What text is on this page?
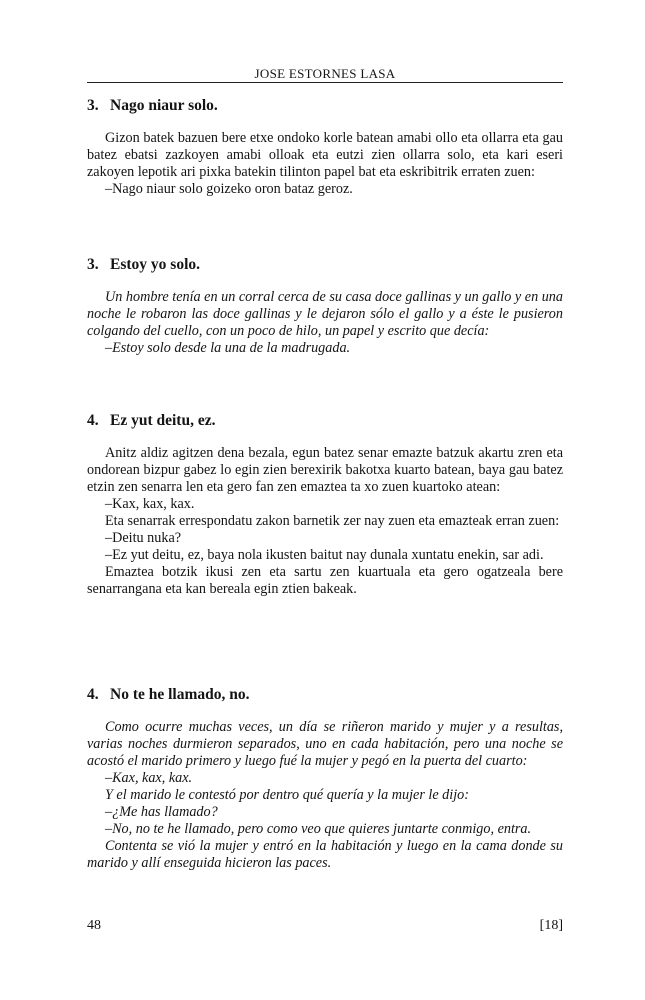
JOSE ESTORNES LASA
3. Nago niaur solo.

Gizon batek bazuen bere etxe ondoko korle batean amabi ollo eta ollarra eta gau batez ebatsi zazkoyen amabi olloak eta eutzi zien ollarra solo, eta kari eseri zakoyen lepotik ari pixka batekin tilinton papel bat eta eskribitrik erraten zuen:

–Nago niaur solo goizeko oron bataz geroz.

3. Estoy yo solo.

Un hombre tenía en un corral cerca de su casa doce gallinas y un gallo y en una noche le robaron las doce gallinas y le dejaron sólo el gallo y a éste le pusieron colgando del cuello, con un poco de hilo, un papel y escrito que decía:

–Estoy solo desde la una de la madrugada.

4. Ez yut deitu, ez.

Anitz aldiz agitzen dena bezala, egun batez senar emazte batzuk akartu zren eta ondorean bizpur gabez lo egin zien berexirik bakotxa kuarto batean, baya gau batez etzin zen senarra len eta gero fan zen emaztea ta xo zuen kuartoko atean:

–Kax, kax, kax.

Eta senarrak errespondatu zakon barnetik zer nay zuen eta emazteak erran zuen:

–Deitu nuka?

–Ez yut deitu, ez, baya nola ikusten baitut nay dunala xuntatu enekin, sar adi.

Emaztea botzik ikusi zen eta sartu zen kuartuala eta gero ogatzeala bere senarrangana eta kan bereala egin ztien bakeak.

4. No te he llamado, no.

Como ocurre muchas veces, un día se riñeron marido y mujer y a resultas, varias noches durmieron separados, uno en cada habitación, pero una noche se acostó el marido primero y luego fué la mujer y pegó en la puerta del cuarto:

–Kax, kax, kax.

Y el marido le contestó por dentro qué quería y la mujer le dijo:

–¿Me has llamado?

–No, no te he llamado, pero como veo que quieres juntarte conmigo, entra.

Contenta se vió la mujer y entró en la habitación y luego en la cama donde su marido y allí enseguida hicieron las paces.

48	[18]
